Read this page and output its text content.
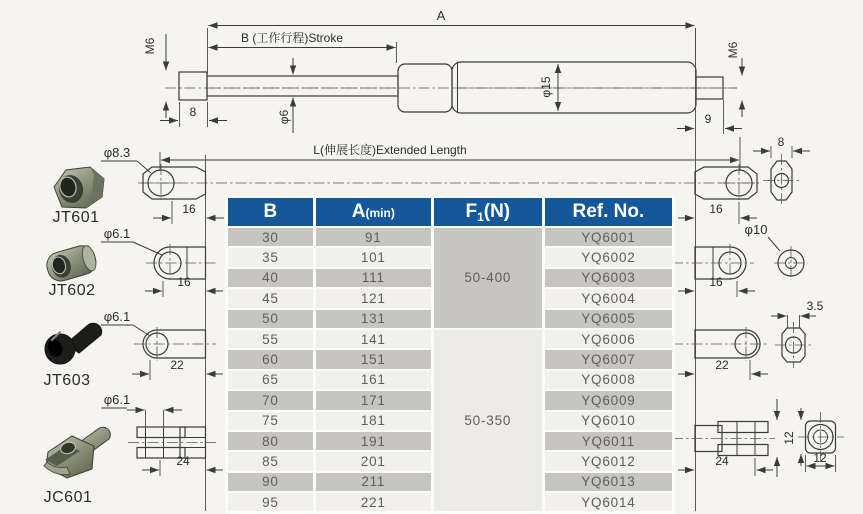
A
B (工作行程)Stroke
M6
8	φ6
φ15
9
M6
L(伸展长度)Extended Length
16
φ8.3
16
8
JT601
JT602
JT603
JC601
φ6.1
16
φ6.1
22
φ6.1
24
16
φ10
22
3.5
12
12
24
B	A(min)	$F_1(N)$	Ref. No.
30	91	50-400	YQ6001
35	101		YQ6002
40	111		YQ6003
45	121		YQ6004
50	131		YQ6005
55	141	50-350	YQ6006
60	151		YQ6007
65	161		YQ6008
70	171		YQ6009
75	181		YQ6010
80	191		YQ6011
85	201		YQ6012
90	211		YQ6013
95	221		YQ6014
